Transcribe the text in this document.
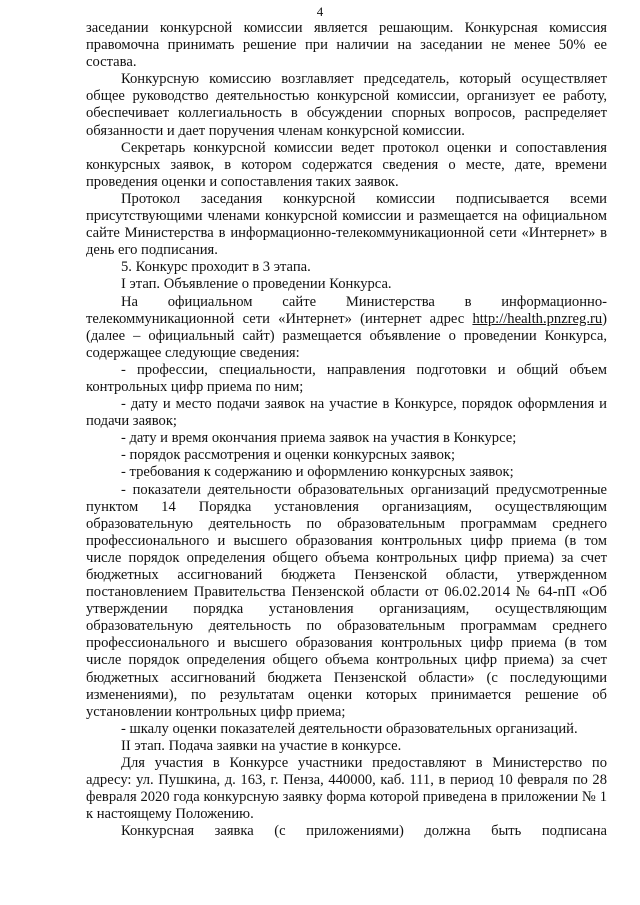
4

заседании конкурсной комиссии является решающим. Конкурсная комиссия правомочна принимать решение при наличии на заседании не менее 50% ее состава.

Конкурсную комиссию возглавляет председатель, который осуществляет общее руководство деятельностью конкурсной комиссии, организует ее работу, обеспечивает коллегиальность в обсуждении спорных вопросов, распределяет обязанности и дает поручения членам конкурсной комиссии.

Секретарь конкурсной комиссии ведет протокол оценки и сопоставления конкурсных заявок, в котором содержатся сведения о месте, дате, времени проведения оценки и сопоставления таких заявок.

Протокол заседания конкурсной комиссии подписывается всеми присутствующими членами конкурсной комиссии и размещается на официальном сайте Министерства в информационно-телекоммуникационной сети «Интернет» в день его подписания.

5. Конкурс проходит в 3 этапа.

I этап. Объявление о проведении Конкурса.

На официальном сайте Министерства в информационно-телекоммуникационной сети «Интернет» (интернет адрес http://health.pnzreg.ru) (далее – официальный сайт) размещается объявление о проведении Конкурса, содержащее следующие сведения:

- профессии, специальности, направления подготовки и общий объем контрольных цифр приема по ним;

- дату и место подачи заявок на участие в Конкурсе, порядок оформления и подачи заявок;

- дату и время окончания приема заявок на участия в Конкурсе;

- порядок рассмотрения и оценки конкурсных заявок;

- требования к содержанию и оформлению конкурсных заявок;

- показатели деятельности образовательных организаций предусмотренные пунктом 14 Порядка установления организациям, осуществляющим образовательную деятельность по образовательным программам среднего профессионального и высшего образования контрольных цифр приема (в том числе порядок определения общего объема контрольных цифр приема) за счет бюджетных ассигнований бюджета Пензенской области, утвержденном постановлением Правительства Пензенской области от 06.02.2014 № 64-пП «Об утверждении порядка установления организациям, осуществляющим образовательную деятельность по образовательным программам среднего профессионального и высшего образования контрольных цифр приема (в том числе порядок определения общего объема контрольных цифр приема) за счет бюджетных ассигнований бюджета Пензенской области» (с последующими изменениями), по результатам оценки которых принимается решение об установлении контрольных цифр приема;

- шкалу оценки показателей деятельности образовательных организаций.

II этап. Подача заявки на участие в конкурсе.

Для участия в Конкурсе участники предоставляют в Министерство по адресу: ул. Пушкина, д. 163, г. Пенза, 440000, каб. 111, в период 10 февраля по 28 февраля 2020 года конкурсную заявку форма которой приведена в приложении № 1 к настоящему Положению.

Конкурсная заявка (с приложениями) должна быть подписана
